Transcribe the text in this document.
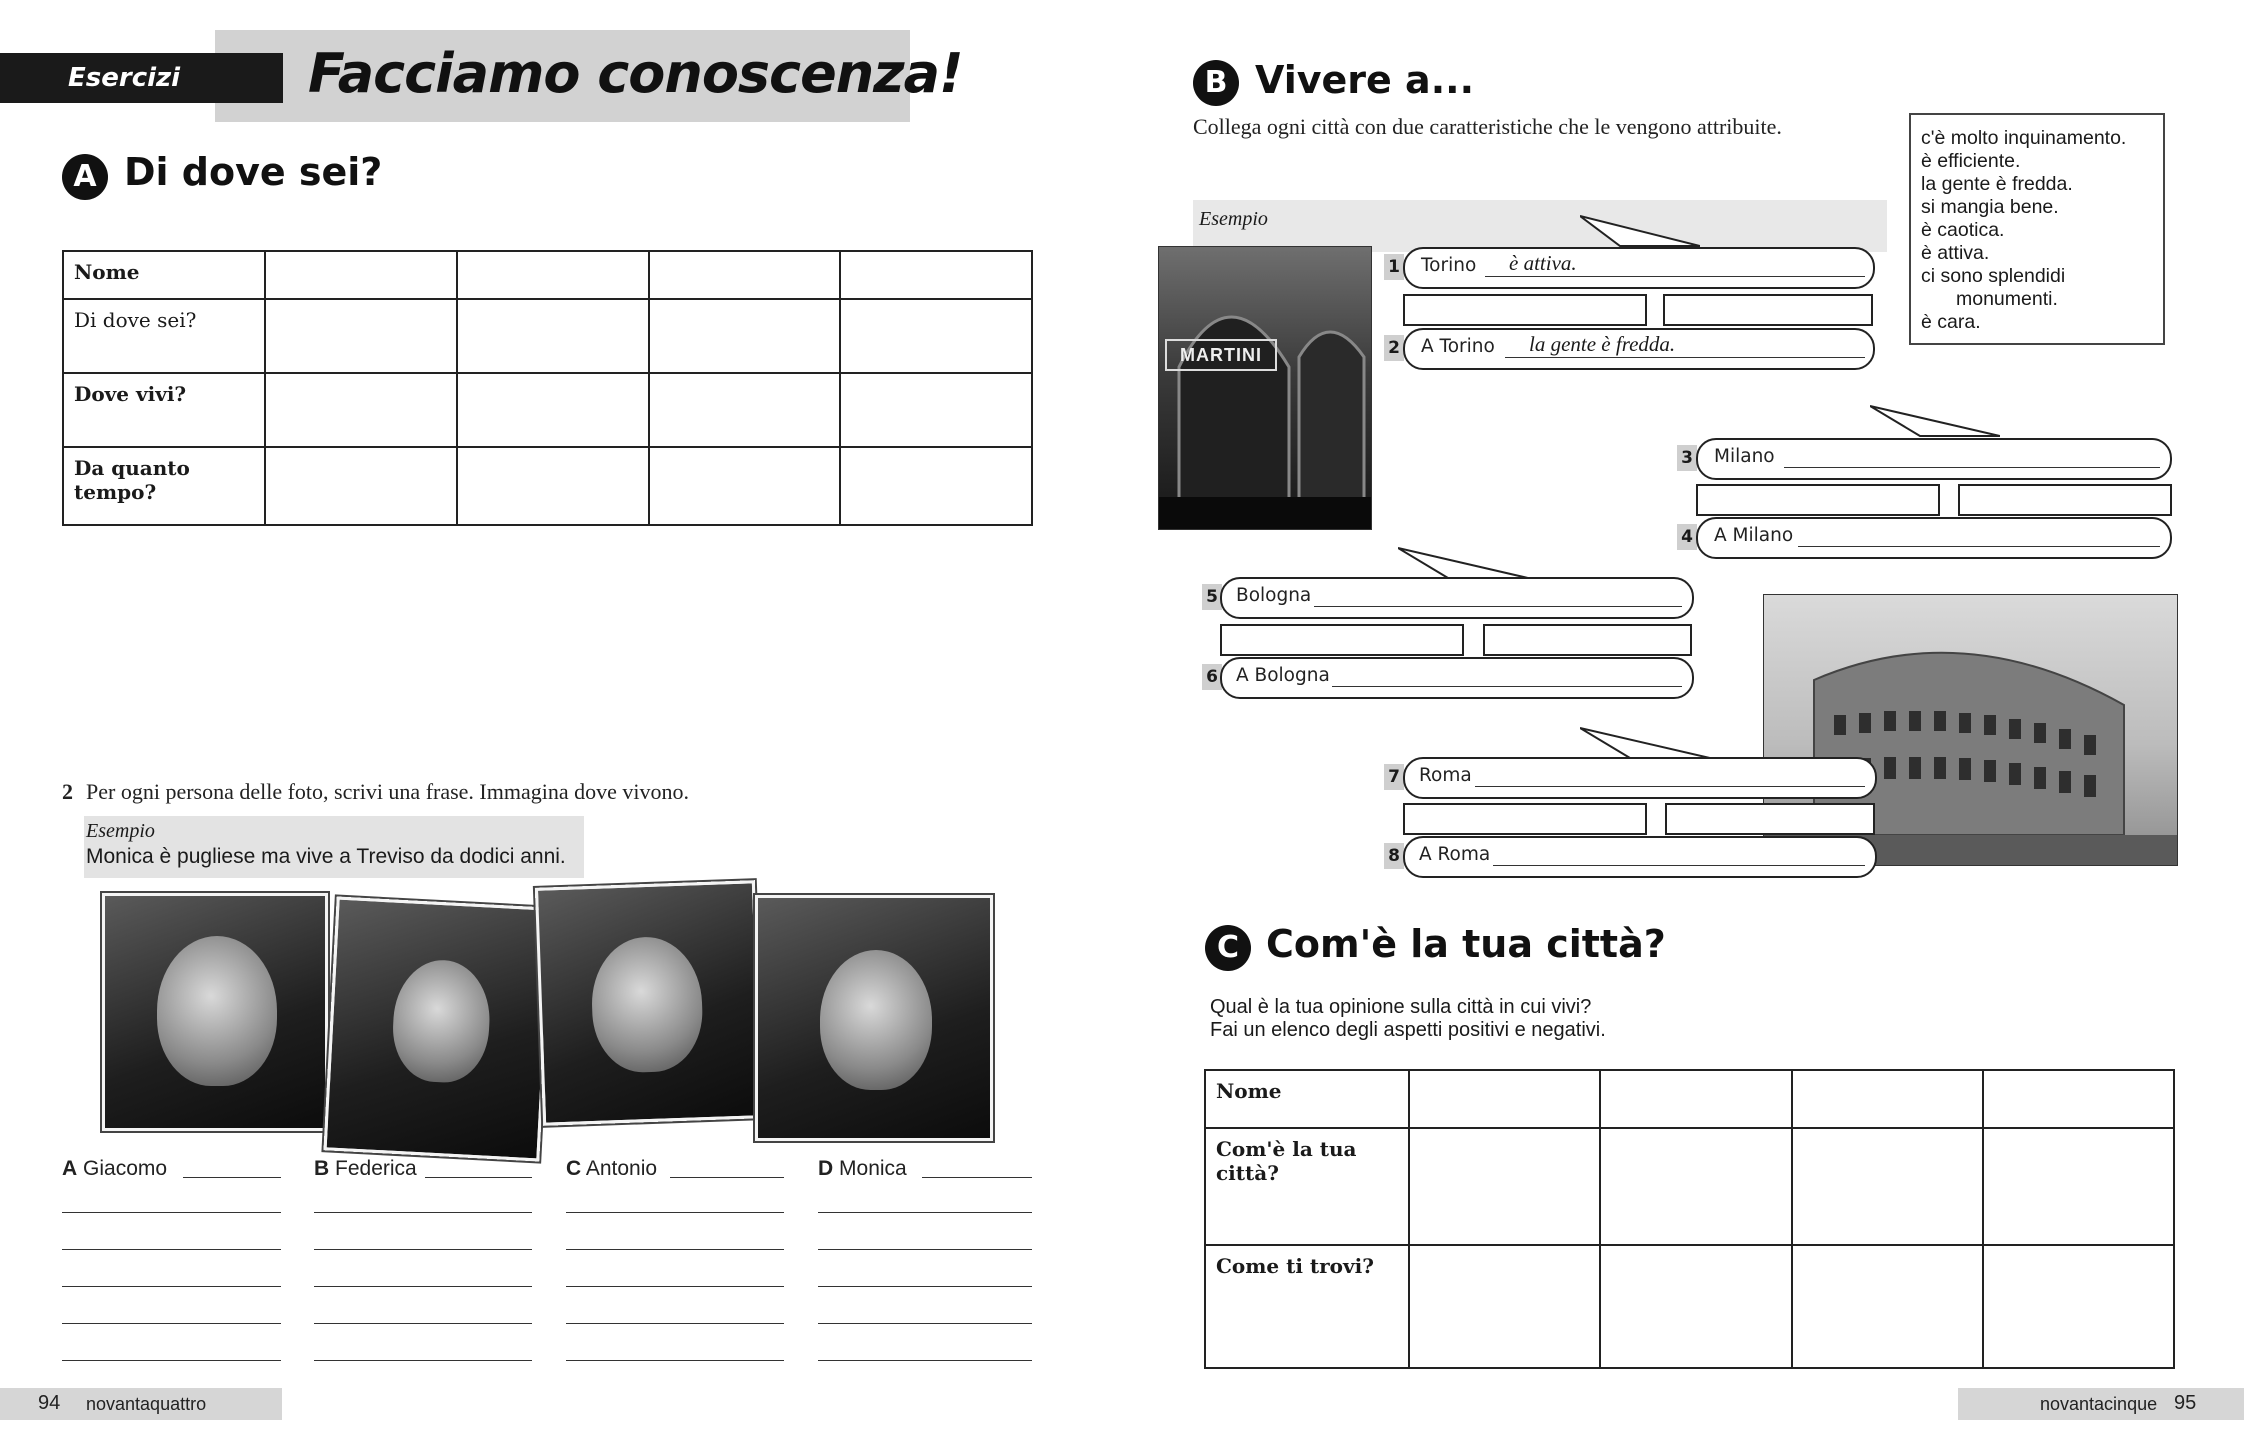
Esercizi	Facciamo conoscenza!
A Di dove sei?
Nome				
Di dove sei?				
Dove vivi?				
Da quanto tempo?				
2 Per ogni persona delle foto, scrivi una frase. Immagina dove vivono.
Esempio
Monica è pugliese ma vive a Treviso da dodici anni.
A Giacomo	B Federica	C Antonio	D Monica
94 novantaquattro
B Vivere a...
Collega ogni città con due caratteristiche che le vengono attribuite.	c'è molto inquinamento.
è efficiente.
la gente è fredda.
si mangia bene.
è caotica.
è attiva.
ci sono splendidi
monumenti.
è cara.
Esempio
MARTINI
1 Torino è attiva.
2 A Torino la gente è fredda.
3 Milano
4 A Milano
5 Bologna
6 A Bologna
7 Roma
8 A Roma
C Com'è la tua città?
Qual è la tua opinione sulla città in cui vivi?
Fai un elenco degli aspetti positivi e negativi.
Nome				
Com'è la tua città?				
Come ti trovi?				
novantacinque 95
